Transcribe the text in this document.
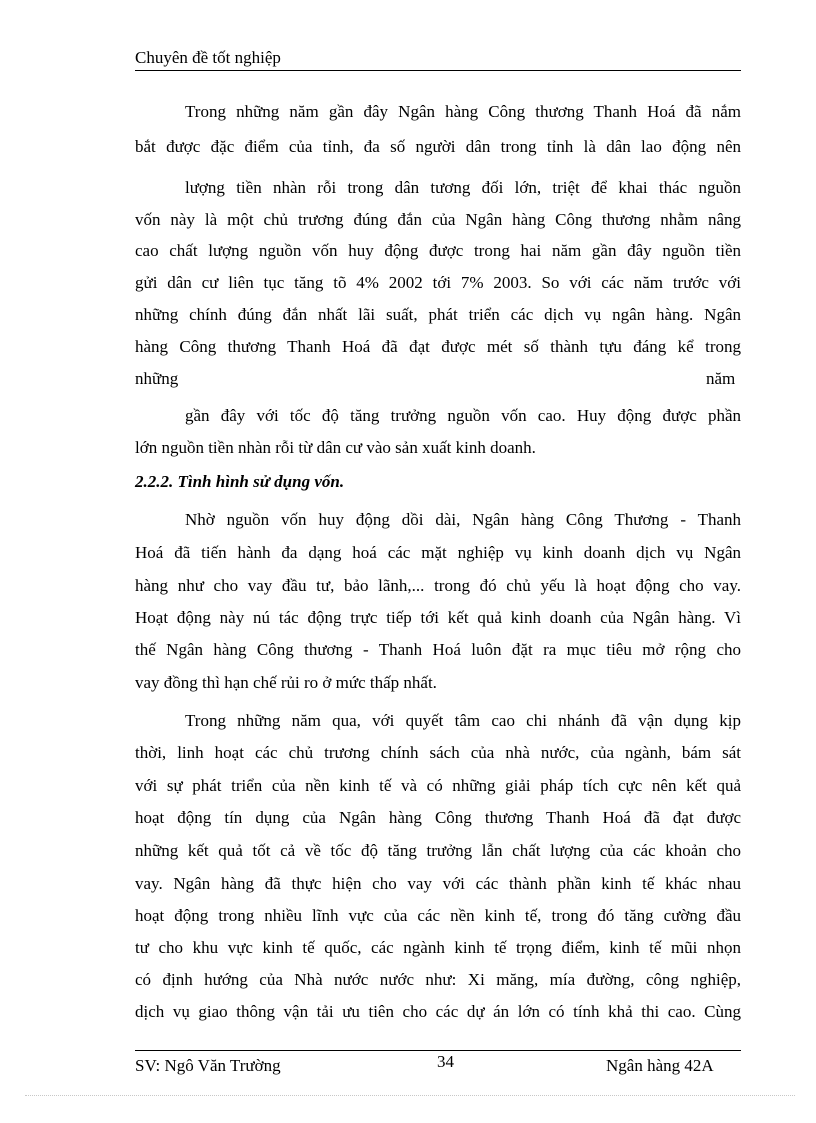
Chuyên đề tốt nghiệp
Trong những năm gần đây Ngân hàng Công thương Thanh Hoá đã nắm
bắt được đặc điểm của tỉnh, đa số người dân trong tỉnh là dân lao động nên
lượng tiền nhàn rỗi trong dân tương đối lớn, triệt để khai thác nguồn
vốn này là một chủ trương đúng đắn của Ngân hàng Công thương nhằm nâng
cao chất lượng nguồn vốn huy động được trong hai năm gần đây nguồn tiền
gửi dân cư liên tục tăng tõ 4% 2002 tới 7% 2003. So với các năm trước với
những chính đúng đắn nhất lãi suất, phát triển các dịch vụ ngân hàng. Ngân
hàng Công thương Thanh Hoá đã đạt được mét số thành tựu đáng kể trong
những	năm
gần đây với tốc độ tăng trưởng nguồn vốn cao. Huy động được phần
lớn nguồn tiền nhàn rỗi từ dân cư vào sản xuất kinh doanh.
2.2.2. Tình hình sử dụng vốn.
Nhờ nguồn vốn huy động dồi dài, Ngân hàng Công Thương - Thanh
Hoá đã tiến hành đa dạng hoá các mặt nghiệp vụ kinh doanh dịch vụ Ngân
hàng như cho vay đầu tư, bảo lãnh,... trong đó chủ yếu là hoạt động cho vay.
Hoạt động này nú tác động trực tiếp tới kết quả kinh doanh của Ngân hàng. Vì
thế Ngân hàng Công thương - Thanh Hoá luôn đặt ra mục tiêu mở rộng cho
vay đồng thì hạn chế rủi ro ở mức thấp nhất.
Trong những năm qua, với quyết tâm cao chi nhánh đã vận dụng kịp
thời, linh hoạt các chủ trương chính sách của nhà nước, của ngành, bám sát
với sự phát triển của nền kinh tế và có những giải pháp tích cực nên kết quả
hoạt động tín dụng của Ngân hàng Công thương Thanh Hoá đã đạt được
những kết quả tốt cả về tốc độ tăng trưởng lẫn chất lượng của các khoản cho
vay. Ngân hàng đã thực hiện cho vay với các thành phần kinh tế khác nhau
hoạt động trong nhiều lĩnh vực của các nền kinh tế, trong đó tăng cường đầu
tư cho khu vực kinh tế quốc, các ngành kinh tế trọng điểm, kinh tế mũi nhọn
có định hướng của Nhà nước nước như: Xi măng, mía đường, công nghiệp,
dịch vụ giao thông vận tải ưu tiên cho các dự án lớn có tính khả thi cao. Cùng
SV: Ngô Văn Trường	34	Ngân hàng 42A
